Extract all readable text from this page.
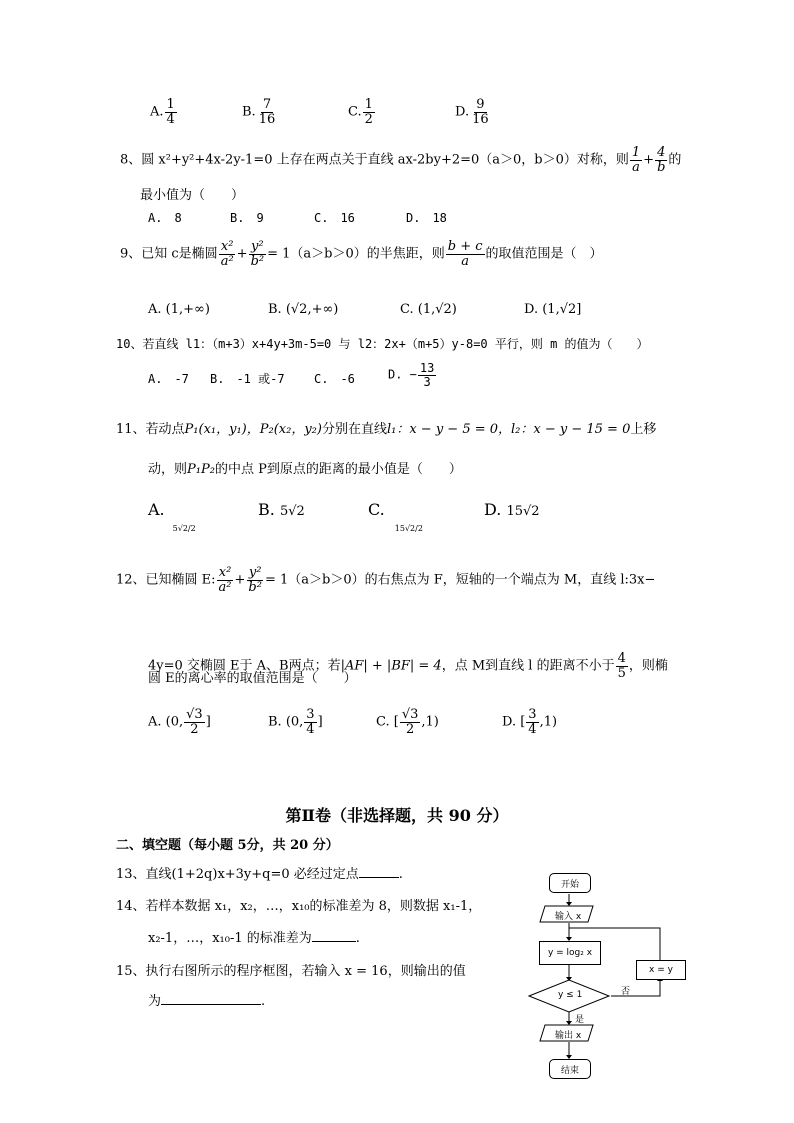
A. $\frac{1}{4}$	B. $\frac{7}{16}$	C. $\frac{1}{2}$	D. $\frac{9}{16}$
8、圆 x²+y²+4x-2y-1=0 上存在两点关于直线 ax-2by+2=0（a＞0，b＞0）对称，则 $\frac{1}{a} + \frac{4}{b}$ 的
最小值为（　　）
A.　8	B.　9	C.　16	D.　18
9、已知 c是椭圆 $\frac{\text{x²}}{\text{a²}} + \frac{\text{y²}}{\text{b²}} = 1(a>b>0)$的半焦距，则 $\frac{b + c}{a}$ 的取值范围是（　）
A. (1,+∞)	B. (√2,+∞)	C. (1,√2)	D. (1,√2]
10、若直线 l1：（m+3）x+4y+3m-5=0 与 l2：2x+（m+5）y-8=0 平行，则 m 的值为（　　）
A.　-7 B.　-1 或-7 C.　-6	D. − $\frac{13}{3}$
11、若动点P₁(x₁，y₁)，P₂(x₂，y₂)分别在直线l₁：x − y − 5 = 0，l₂：x − y − 15 = 0上移
动，则P₁P₂的中点 P到原点的距离的最小值是（　　）
$A._{5√2/2}$
B. 5√2	$C._{15√2/2}$
D. 15√2
12、已知椭圆 E: $\frac{\text{x²}}{\text{a²}} + \frac{\text{y²}}{\text{b²}} = 1(a>b>0)$的右焦点为 F，短轴的一个端点为 M，直线 l:3x−
4y=0 交椭圆 E于 A、B两点；若|AF| + |BF| = 4，点 M到直线 l 的距离不小于 $\frac{4}{5}$ ，则椭
圆 E的离心率的取值范围是（　　）
A. (0, $\frac{√3}{2}$ ]	B. (0, $\frac{3}{4}$ ]	C. [ $\frac{√3}{2} ,1$)	D. [ $\frac{3}{4} ,1$)
第Ⅱ卷（非选择题，共 90 分）
二、填空题（每小题 5分，共 20 分）
13、直线(1+2q)x+3y+q=0 必经过定点	.
14、若样本数据 x₁，x₂，…，x₁₀的标准差为 8，则数据 x₁-1，
x₂-1，…，x₁₀-1 的标准差为	.
15、执行右图所示的程序框图，若输入 x = 16，则输出的值
为	.
开始
输入 x
y = log₂ x
y ≤ 1
是
否
x = y
输出 x
结束
